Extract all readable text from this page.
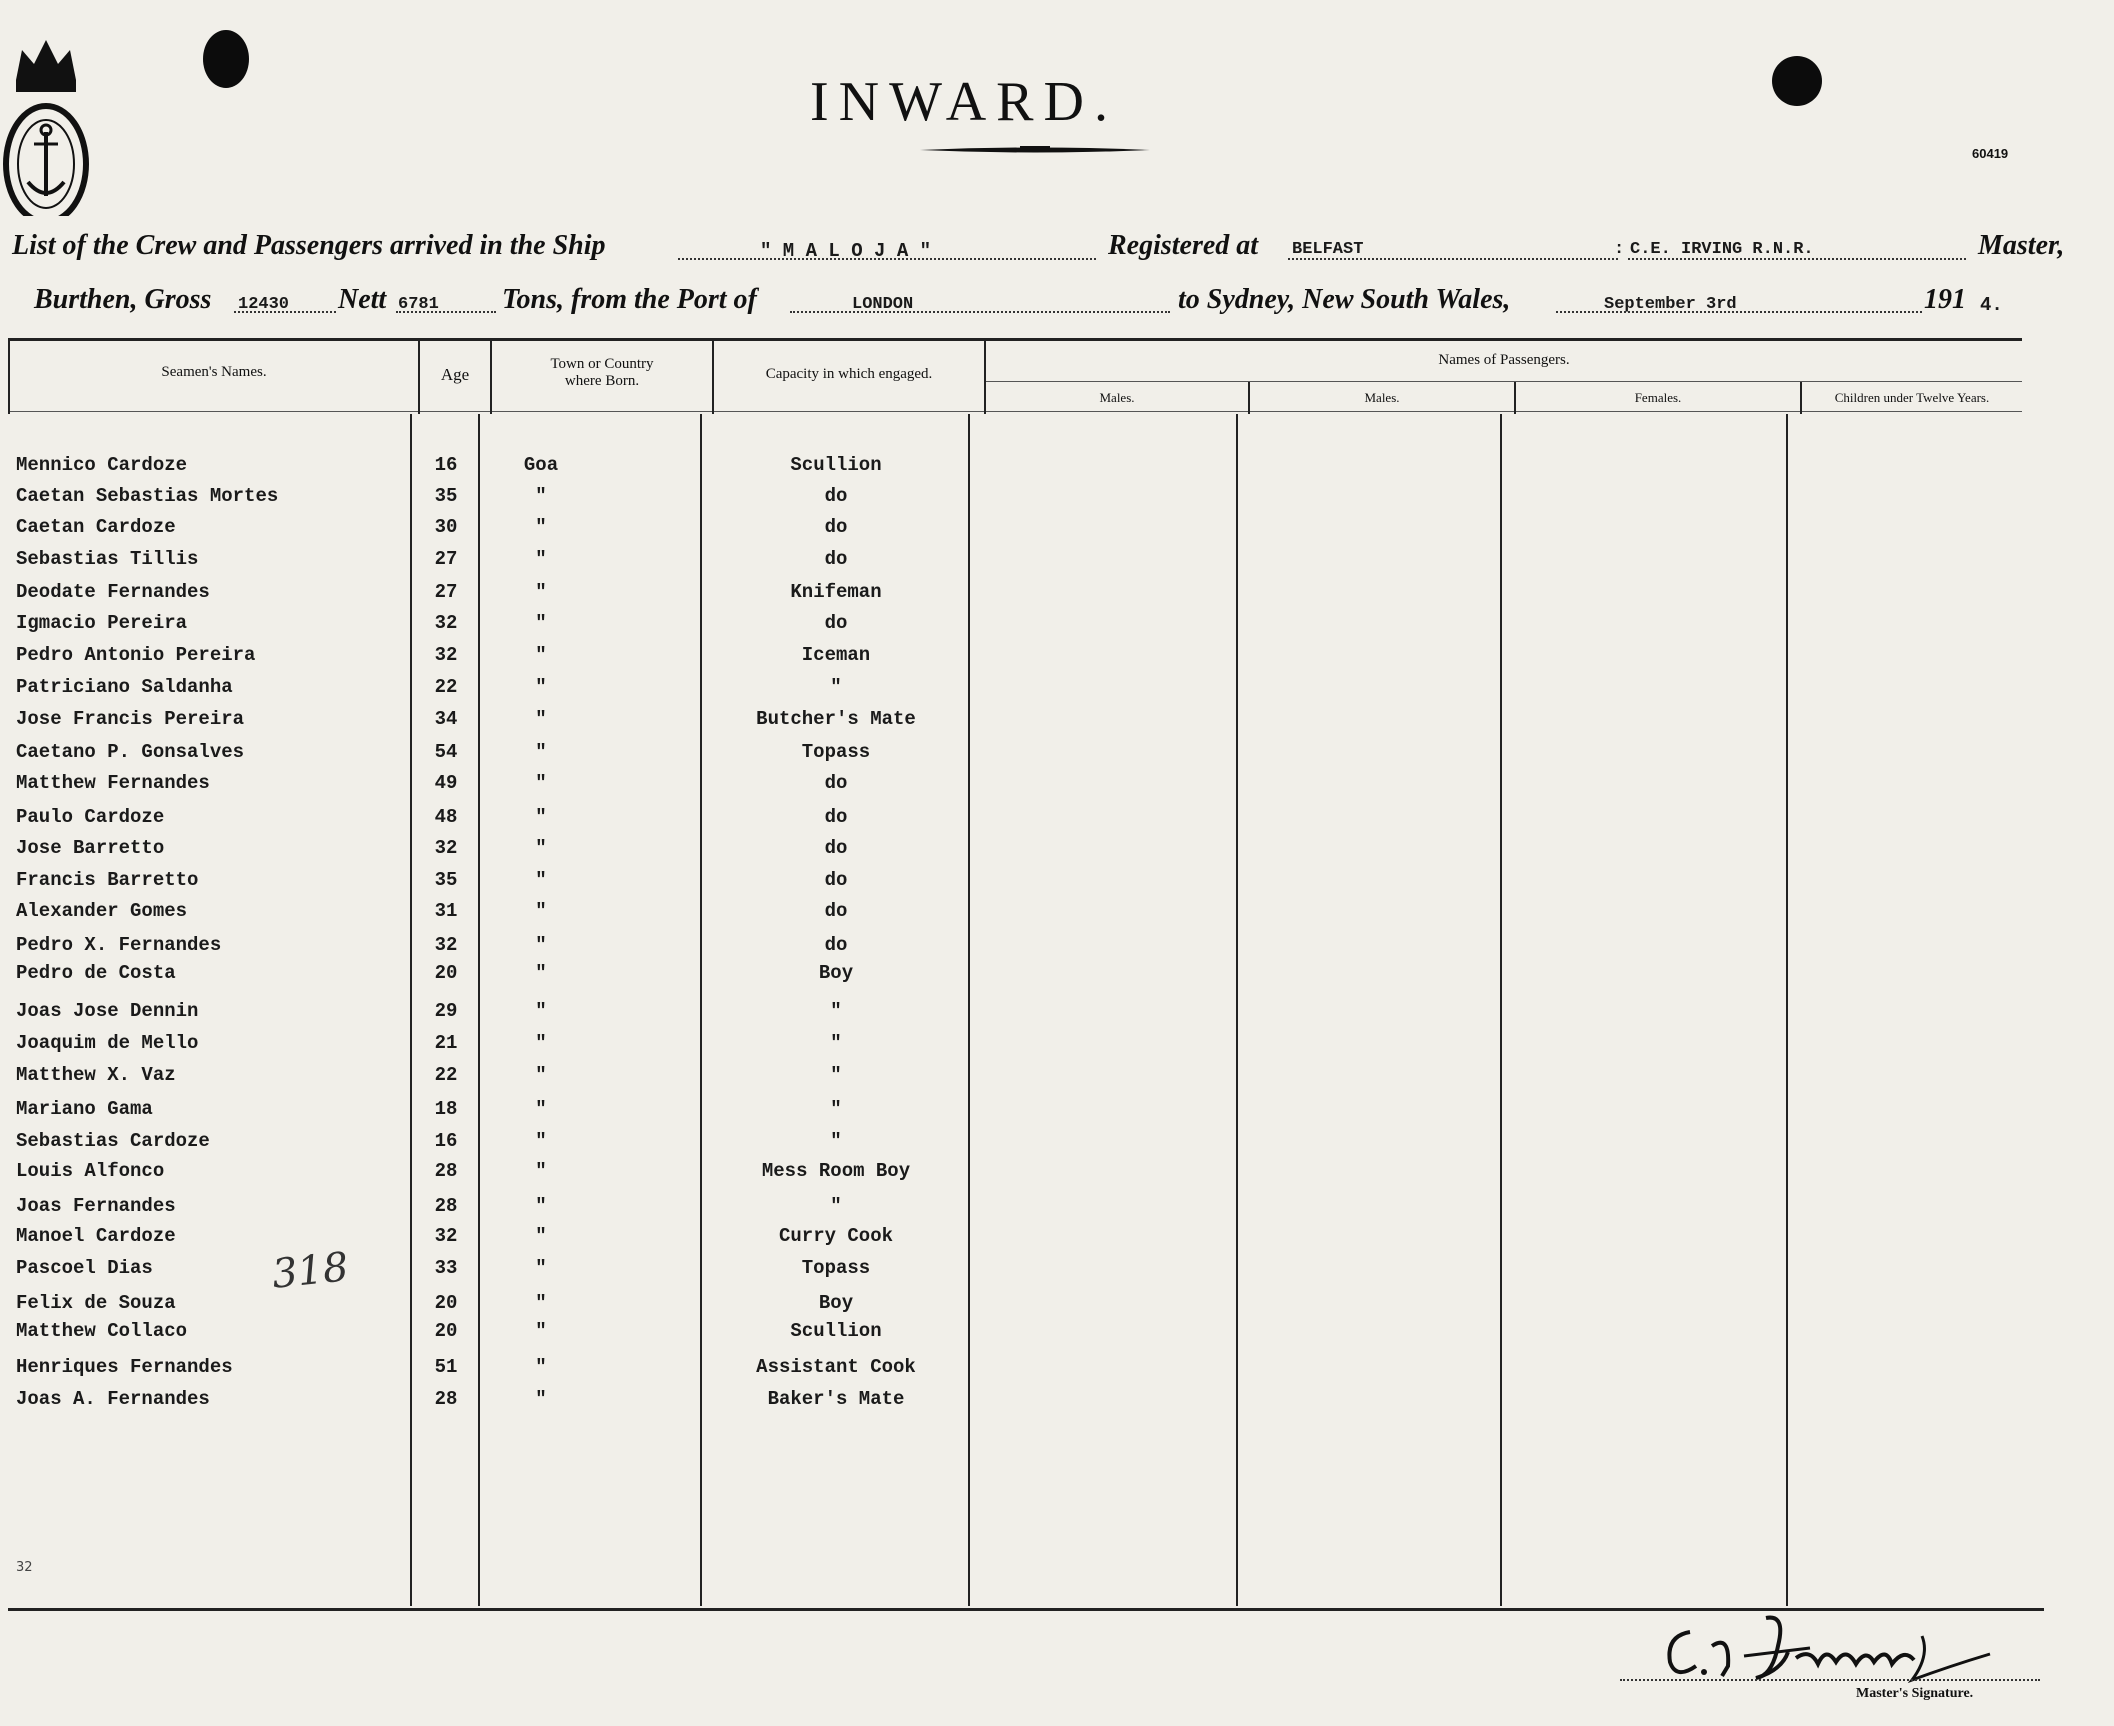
INWARD.
60419
List of the Crew and Passengers arrived in the Ship	" M A L O J A "	Registered at BELFAST	: C.E. IRVING R.N.R.	Master,
Burthen, Gross 12430 Nett 6781 Tons, from the Port of	LONDON	to Sydney, New South Wales,	September 3rd	191 4.
Seamen's Names.	Age
Town or Country where Born.	Capacity in which engaged.
Names of Passengers.
Males.	Males.	Females.	Children under Twelve Years.
Mennico Cardoze	16	Goa	Scullion
Caetan Sebastias Mortes	35	"	do
Caetan Cardoze	30	"	do
Sebastias Tillis	27	"	do
Deodate Fernandes	27	"	Knifeman
Igmacio Pereira	32	"	do
Pedro Antonio Pereira	32	"	Iceman
Patriciano Saldanha	22	"	"
Jose Francis Pereira	34	"	Butcher's Mate
Caetano P. Gonsalves	54	"	Topass
Matthew Fernandes	49	"	do
Paulo Cardoze	48	"	do
Jose Barretto	32	"	do
Francis Barretto	35	"	do
Alexander Gomes	31	"	do
Pedro X. Fernandes	32	"	do
Pedro de Costa	20	"	Boy
Joas Jose Dennin	29	"	"
Joaquim de Mello	21	"	"
Matthew X. Vaz	22	"	"
Mariano Gama	18	"	"
Sebastias Cardoze	16	"	"
Louis Alfonco	28	"	Mess Room Boy
Joas Fernandes	28	"	"
Manoel Cardoze	32	"	Curry Cook
Pascoel Dias	33	"	Topass
Felix de Souza	20	"	Boy
Matthew Collaco	20	"	Scullion
Henriques Fernandes	51	"	Assistant Cook
Joas A. Fernandes	28	"	Baker's Mate
318
32
Master's Signature.
